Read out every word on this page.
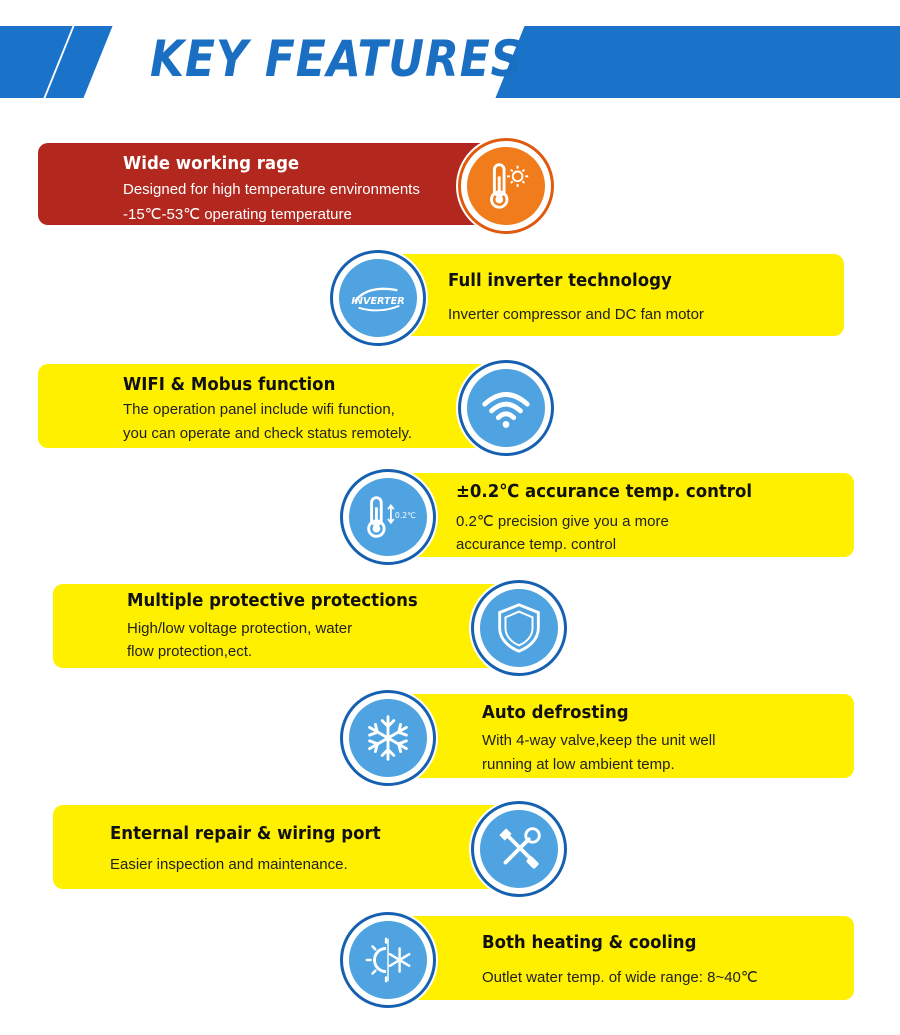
KEY FEATURES
Wide working rage
Designed for high temperature environments
-15℃-53℃ operating temperature
Full inverter technology
Inverter compressor and DC fan motor
INVERTER
WIFI & Mobus function
The operation panel include wifi function,
you can operate and check status remotely.
±0.2℃ accurance temp. control
0.2℃ precision give you a more
accurance temp. control
0.2℃
Multiple protective protections
High/low voltage protection, water
flow protection,ect.
Auto defrosting
With 4-way valve,keep the unit well
running at low ambient temp.
Enternal repair & wiring port
Easier inspection and maintenance.
Both heating & cooling
Outlet water temp. of wide range: 8~40℃
